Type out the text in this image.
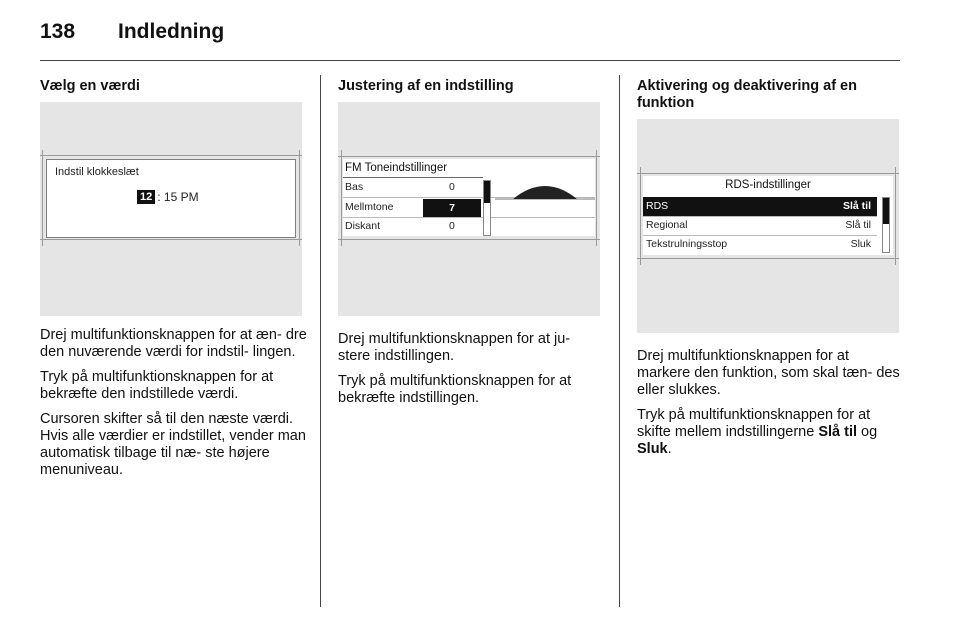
138 Indledning

Vælg en værdi

Indstil klokkeslæt
12 : 15 PM

Drej multifunktionsknappen for at æn- dre den nuværende værdi for indstil- lingen.

Tryk på multifunktionsknappen for at bekræfte den indstillede værdi.

Cursoren skifter så til den næste værdi. Hvis alle værdier er indstillet, vender man automatisk tilbage til næ- ste højere menuniveau.

Justering af en indstilling

FM Toneindstillinger
Bas	0
Mellmtone	7
Diskant	0

Drej multifunktionsknappen for at ju- stere indstillingen.

Tryk på multifunktionsknappen for at bekræfte indstillingen.

Aktivering og deaktivering af en funktion

RDS-indstillinger
RDS	Slå til
Regional	Slå til
Tekstrulningsstop	Sluk

Drej multifunktionsknappen for at markere den funktion, som skal tæn- des eller slukkes.

Tryk på multifunktionsknappen for at skifte mellem indstillingerne Slå til og Sluk.
